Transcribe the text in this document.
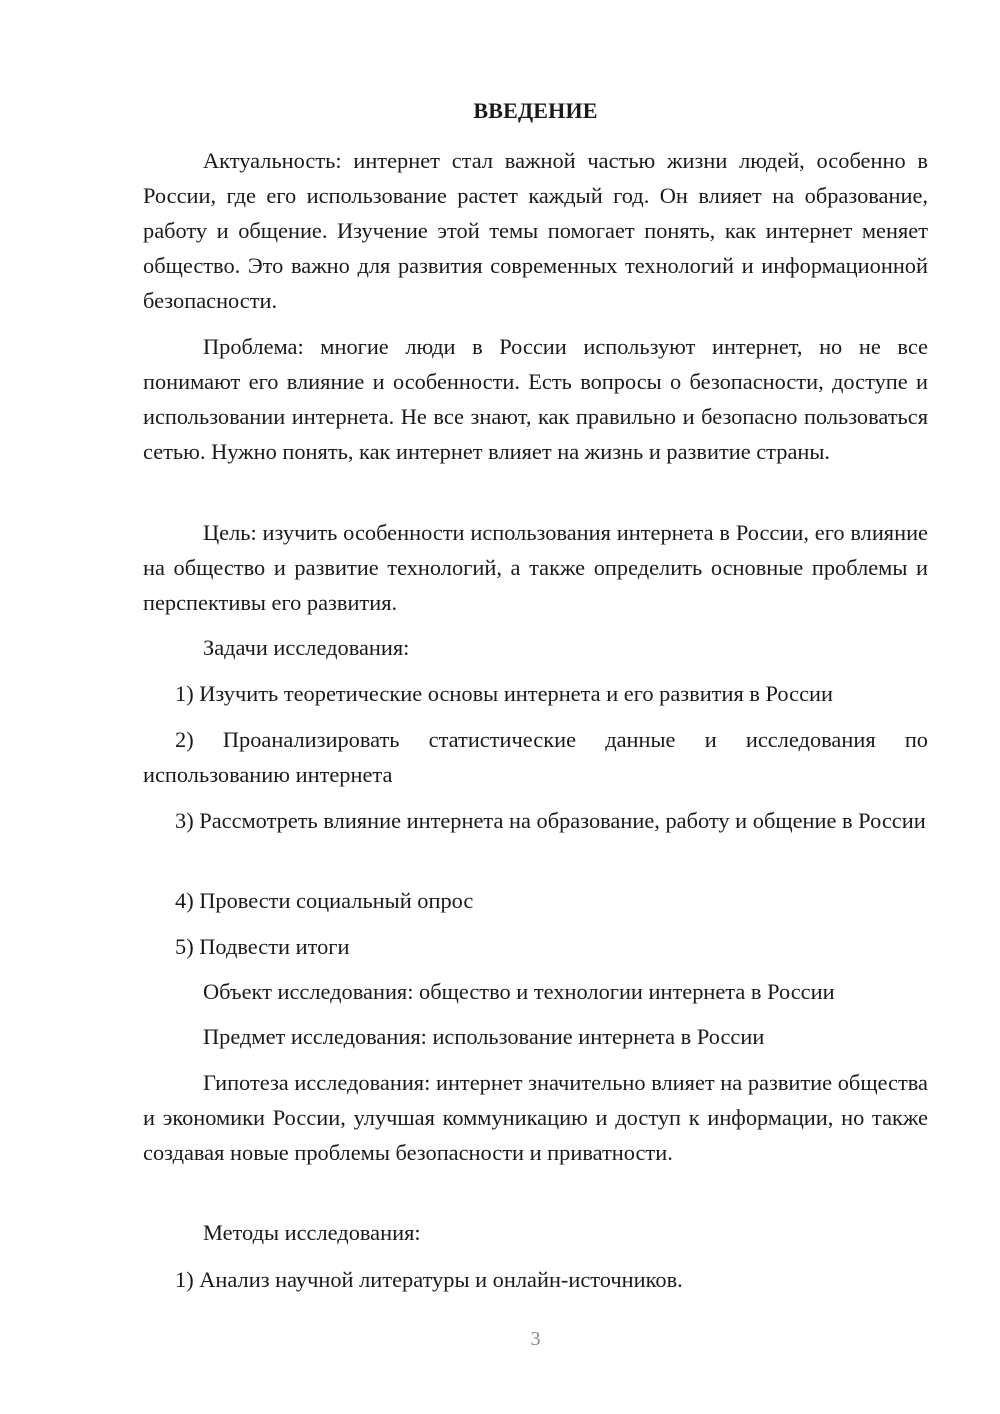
ВВЕДЕНИЕ

Актуальность: интернет стал важной частью жизни людей, особенно в России, где его использование растет каждый год. Он влияет на образование, работу и общение. Изучение этой темы помогает понять, как интернет меняет общество. Это важно для развития современных технологий и информационной безопасности.

Проблема: многие люди в России используют интернет, но не все понимают его влияние и особенности. Есть вопросы о безопасности, доступе и использовании интернета. Не все знают, как правильно и безопасно пользоваться сетью. Нужно понять, как интернет влияет на жизнь и развитие страны.

Цель: изучить особенности использования интернета в России, его влияние на общество и развитие технологий, а также определить основные проблемы и перспективы его развития.

Задачи исследования:

1) Изучить теоретические основы интернета и его развития в России

2) Проанализировать статистические данные и исследования по использованию интернета

3) Рассмотреть влияние интернета на образование, работу и общение в России

4) Провести социальный опрос

5) Подвести итоги

Объект исследования: общество и технологии интернета в России

Предмет исследования: использование интернета в России

Гипотеза исследования: интернет значительно влияет на развитие общества и экономики России, улучшая коммуникацию и доступ к информации, но также создавая новые проблемы безопасности и приватности.

Методы исследования:

1) Анализ научной литературы и онлайн-источников.

3
